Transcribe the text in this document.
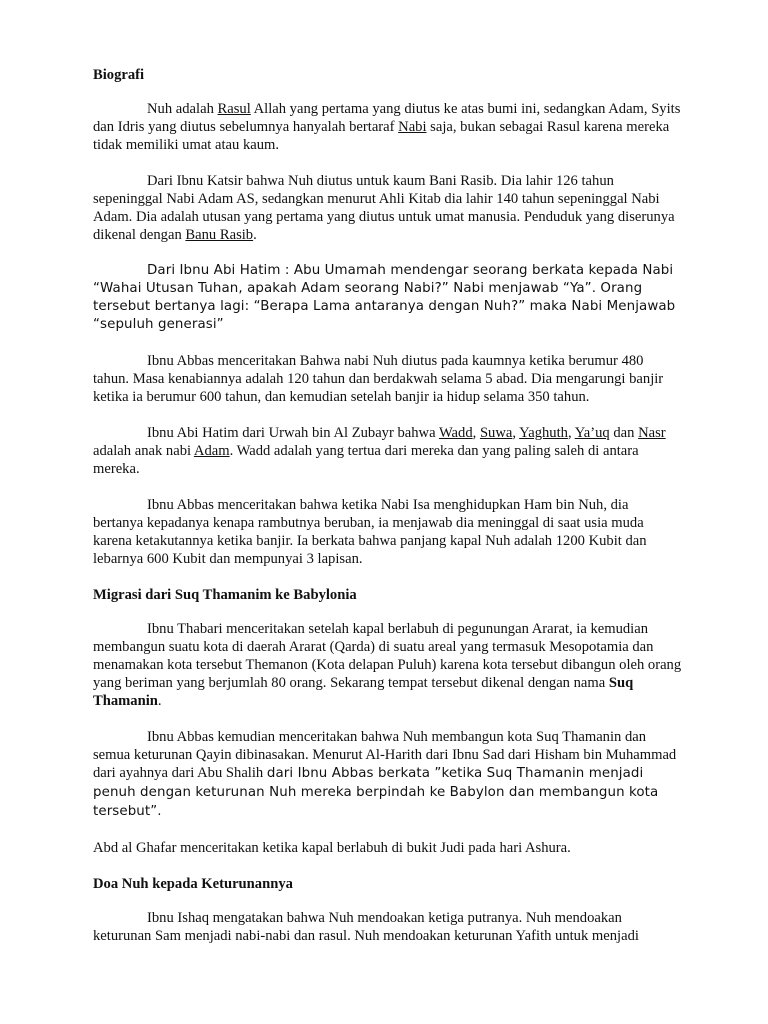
Biografi

Nuh adalah Rasul Allah yang pertama yang diutus ke atas bumi ini, sedangkan Adam, Syits dan Idris yang diutus sebelumnya hanyalah bertaraf Nabi saja, bukan sebagai Rasul karena mereka tidak memiliki umat atau kaum.

Dari Ibnu Katsir bahwa Nuh diutus untuk kaum Bani Rasib. Dia lahir 126 tahun sepeninggal Nabi Adam AS, sedangkan menurut Ahli Kitab dia lahir 140 tahun sepeninggal Nabi Adam. Dia adalah utusan yang pertama yang diutus untuk umat manusia. Penduduk yang diserunya dikenal dengan Banu Rasib.

Dari Ibnu Abi Hatim : Abu Umamah mendengar seorang berkata kepada Nabi “Wahai Utusan Tuhan, apakah Adam seorang Nabi?” Nabi menjawab “Ya”. Orang tersebut bertanya lagi: “Berapa Lama antaranya dengan Nuh?” maka Nabi Menjawab “sepuluh generasi”

Ibnu Abbas menceritakan Bahwa nabi Nuh diutus pada kaumnya ketika berumur 480 tahun. Masa kenabiannya adalah 120 tahun dan berdakwah selama 5 abad. Dia mengarungi banjir ketika ia berumur 600 tahun, dan kemudian setelah banjir ia hidup selama 350 tahun.

Ibnu Abi Hatim dari Urwah bin Al Zubayr bahwa Wadd, Suwa, Yaghuth, Ya’uq dan Nasr adalah anak nabi Adam. Wadd adalah yang tertua dari mereka dan yang paling saleh di antara mereka.

Ibnu Abbas menceritakan bahwa ketika Nabi Isa menghidupkan Ham bin Nuh, dia bertanya kepadanya kenapa rambutnya beruban, ia menjawab dia meninggal di saat usia muda karena ketakutannya ketika banjir. Ia berkata bahwa panjang kapal Nuh adalah 1200 Kubit dan lebarnya 600 Kubit dan mempunyai 3 lapisan.

Migrasi dari Suq Thamanim ke Babylonia

Ibnu Thabari menceritakan setelah kapal berlabuh di pegunungan Ararat, ia kemudian membangun suatu kota di daerah Ararat (Qarda) di suatu areal yang termasuk Mesopotamia dan menamakan kota tersebut Themanon (Kota delapan Puluh) karena kota tersebut dibangun oleh orang yang beriman yang berjumlah 80 orang. Sekarang tempat tersebut dikenal dengan nama Suq Thamanin.

Ibnu Abbas kemudian menceritakan bahwa Nuh membangun kota Suq Thamanin dan semua keturunan Qayin dibinasakan. Menurut Al-Harith dari Ibnu Sad dari Hisham bin Muhammad dari ayahnya dari Abu Shalih dari Ibnu Abbas berkata ”ketika Suq Thamanin menjadi penuh dengan keturunan Nuh mereka berpindah ke Babylon dan membangun kota tersebut”.

Abd al Ghafar menceritakan ketika kapal berlabuh di bukit Judi pada hari Ashura.

Doa Nuh kepada Keturunannya

Ibnu Ishaq mengatakan bahwa Nuh mendoakan ketiga putranya. Nuh mendoakan keturunan Sam menjadi nabi-nabi dan rasul. Nuh mendoakan keturunan Yafith untuk menjadi
